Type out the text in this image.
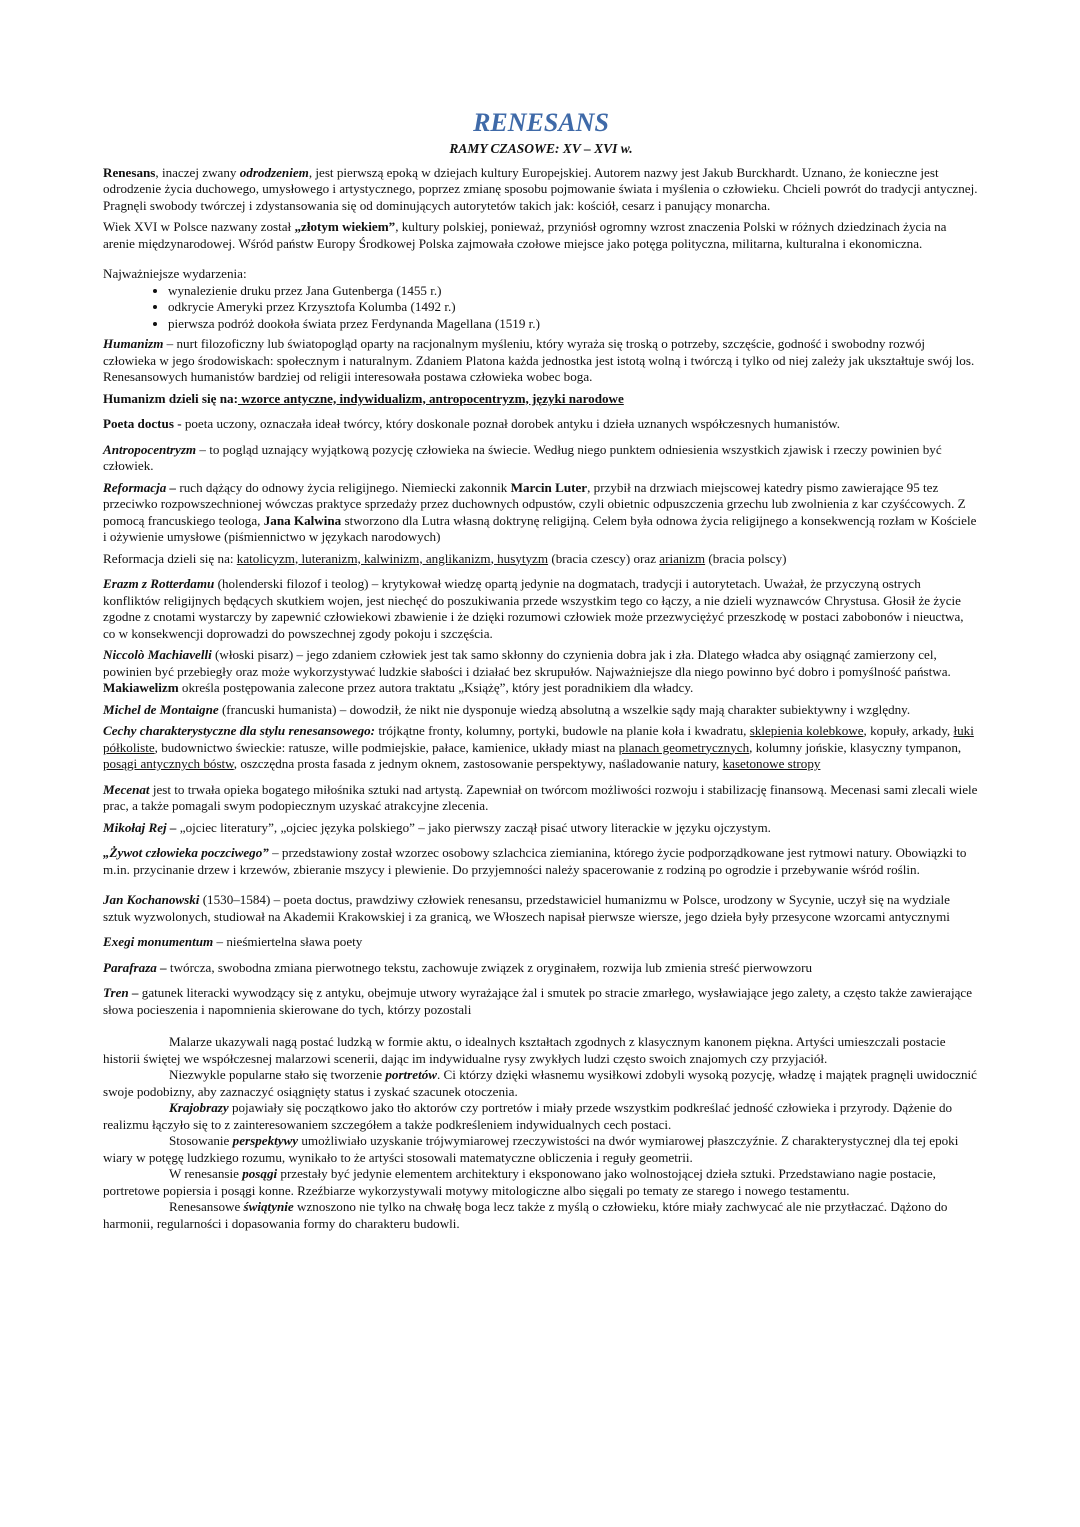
RENESANS
RAMY CZASOWE: XV – XVI w.

Renesans, inaczej zwany odrodzeniem, jest pierwszą epoką w dziejach kultury Europejskiej. Autorem nazwy jest Jakub Burckhardt. Uznano, że konieczne jest odrodzenie życia duchowego, umysłowego i artystycznego, poprzez zmianę sposobu pojmowanie świata i myślenia o człowieku. Chcieli powrót do tradycji antycznej. Pragnęli swobody twórczej i zdystansowania się od dominujących autorytetów takich jak: kościół, cesarz i panujący monarcha.

Wiek XVI w Polsce nazwany został „złotym wiekiem”, kultury polskiej, ponieważ, przyniósł ogromny wzrost znaczenia Polski w różnych dziedzinach życia na arenie międzynarodowej. Wśród państw Europy Środkowej Polska zajmowała czołowe miejsce jako potęga polityczna, militarna, kulturalna i ekonomiczna.

Najważniejsze wydarzenia:

• wynalezienie druku przez Jana Gutenberga (1455 r.)
• odkrycie Ameryki przez Krzysztofa Kolumba (1492 r.)
• pierwsza podróż dookoła świata przez Ferdynanda Magellana (1519 r.)

Humanizm – nurt filozoficzny lub światopogląd oparty na racjonalnym myśleniu, który wyraża się troską o potrzeby, szczęście, godność i swobodny rozwój człowieka w jego środowiskach: społecznym i naturalnym. Zdaniem Platona każda jednostka jest istotą wolną i twórczą i tylko od niej zależy jak ukształtuje swój los. Renesansowych humanistów bardziej od religii interesowała postawa człowieka wobec boga.

Humanizm dzieli się na: wzorce antyczne, indywidualizm, antropocentryzm, języki narodowe

Poeta doctus - poeta uczony, oznaczała ideał twórcy, który doskonale poznał dorobek antyku i dzieła uznanych współczesnych humanistów.

Antropocentryzm – to pogląd uznający wyjątkową pozycję człowieka na świecie. Według niego punktem odniesienia wszystkich zjawisk i rzeczy powinien być człowiek.

Reformacja – ruch dążący do odnowy życia religijnego. Niemiecki zakonnik Marcin Luter, przybił na drzwiach miejscowej katedry pismo zawierające 95 tez przeciwko rozpowszechnionej wówczas praktyce sprzedaży przez duchownych odpustów, czyli obietnic odpuszczenia grzechu lub zwolnienia z kar czyśćcowych. Z pomocą francuskiego teologa, Jana Kalwina stworzono dla Lutra własną doktrynę religijną. Celem była odnowa życia religijnego a konsekwencją rozłam w Kościele i ożywienie umysłowe (piśmiennictwo w językach narodowych)

Reformacja dzieli się na: katolicyzm, luteranizm, kalwinizm, anglikanizm, husytyzm (bracia czescy) oraz arianizm (bracia polscy)

Erazm z Rotterdamu (holenderski filozof i teolog) – krytykował wiedzę opartą jedynie na dogmatach, tradycji i autorytetach. Uważał, że przyczyną ostrych konfliktów religijnych będących skutkiem wojen, jest niechęć do poszukiwania przede wszystkim tego co łączy, a nie dzieli wyznawców Chrystusa. Głosił że życie zgodne z cnotami wystarczy by zapewnić człowiekowi zbawienie i że dzięki rozumowi człowiek może przezwyciężyć przeszkodę w postaci zabobonów i nieuctwa, co w konsekwencji doprowadzi do powszechnej zgody pokoju i szczęścia.

Niccolò Machiavelli (włoski pisarz) – jego zdaniem człowiek jest tak samo skłonny do czynienia dobra jak i zła. Dlatego władca aby osiągnąć zamierzony cel, powinien być przebiegły oraz może wykorzystywać ludzkie słabości i działać bez skrupułów. Najważniejsze dla niego powinno być dobro i pomyślność państwa. Makiawelizm określa postępowania zalecone przez autora traktatu „Książę”, który jest poradnikiem dla władcy.

Michel de Montaigne (francuski humanista) – dowodził, że nikt nie dysponuje wiedzą absolutną a wszelkie sądy mają charakter subiektywny i względny.

Cechy charakterystyczne dla stylu renesansowego: trójkątne fronty, kolumny, portyki, budowle na planie koła i kwadratu, sklepienia kolebkowe, kopuły, arkady, łuki półkoliste, budownictwo świeckie: ratusze, wille podmiejskie, pałace, kamienice, układy miast na planach geometrycznych, kolumny jońskie, klasyczny tympanon, posągi antycznych bóstw, oszczędna prosta fasada z jednym oknem, zastosowanie perspektywy, naśladowanie natury, kasetonowe stropy

Mecenat jest to trwała opieka bogatego miłośnika sztuki nad artystą. Zapewniał on twórcom możliwości rozwoju i stabilizację finansową. Mecenasi sami zlecali wiele prac, a także pomagali swym podopiecznym uzyskać atrakcyjne zlecenia.

Mikołaj Rej – „ojciec literatury”, „ojciec języka polskiego” – jako pierwszy zaczął pisać utwory literackie w języku ojczystym.

„Żywot człowieka poczciwego” – przedstawiony został wzorzec osobowy szlachcica ziemianina, którego życie podporządkowane jest rytmowi natury. Obowiązki to m.in. przycinanie drzew i krzewów, zbieranie mszycy i plewienie. Do przyjemności należy spacerowanie z rodziną po ogrodzie i przebywanie wśród roślin.

Jan Kochanowski (1530–1584) – poeta doctus, prawdziwy człowiek renesansu, przedstawiciel humanizmu w Polsce, urodzony w Sycynie, uczył się na wydziale sztuk wyzwolonych, studiował na Akademii Krakowskiej i za granicą, we Włoszech napisał pierwsze wiersze, jego dzieła były przesycone wzorcami antycznymi

Exegi monumentum – nieśmiertelna sława poety

Parafraza – twórcza, swobodna zmiana pierwotnego tekstu, zachowuje związek z oryginałem, rozwija lub zmienia streść pierwowzoru

Tren – gatunek literacki wywodzący się z antyku, obejmuje utwory wyrażające żal i smutek po stracie zmarłego, wysławiające jego zalety, a często także zawierające słowa pocieszenia i napomnienia skierowane do tych, którzy pozostali

Malarze ukazywali nagą postać ludzką w formie aktu, o idealnych kształtach zgodnych z klasycznym kanonem piękna. Artyści umieszczali postacie historii świętej we współczesnej malarzowi scenerii, dając im indywidualne rysy zwykłych ludzi często swoich znajomych czy przyjaciół.

Niezwykle popularne stało się tworzenie portretów. Ci którzy dzięki własnemu wysiłkowi zdobyli wysoką pozycję, władzę i majątek pragnęli uwidocznić swoje podobizny, aby zaznaczyć osiągnięty status i zyskać szacunek otoczenia.

Krajobrazy pojawiały się początkowo jako tło aktorów czy portretów i miały przede wszystkim podkreślać jedność człowieka i przyrody. Dążenie do realizmu łączyło się to z zainteresowaniem szczegółem a także podkreśleniem indywidualnych cech postaci.

Stosowanie perspektywy umożliwiało uzyskanie trójwymiarowej rzeczywistości na dwór wymiarowej płaszczyźnie. Z charakterystycznej dla tej epoki wiary w potęgę ludzkiego rozumu, wynikało to że artyści stosowali matematyczne obliczenia i reguły geometrii.

W renesansie posągi przestały być jedynie elementem architektury i eksponowano jako wolnostojącej dzieła sztuki. Przedstawiano nagie postacie, portretowe popiersia i posągi konne. Rzeźbiarze wykorzystywali motywy mitologiczne albo sięgali po tematy ze starego i nowego testamentu.

Renesansowe świątynie wznoszono nie tylko na chwałę boga lecz także z myślą o człowieku, które miały zachwycać ale nie przytłaczać. Dążono do harmonii, regularności i dopasowania formy do charakteru budowli.
